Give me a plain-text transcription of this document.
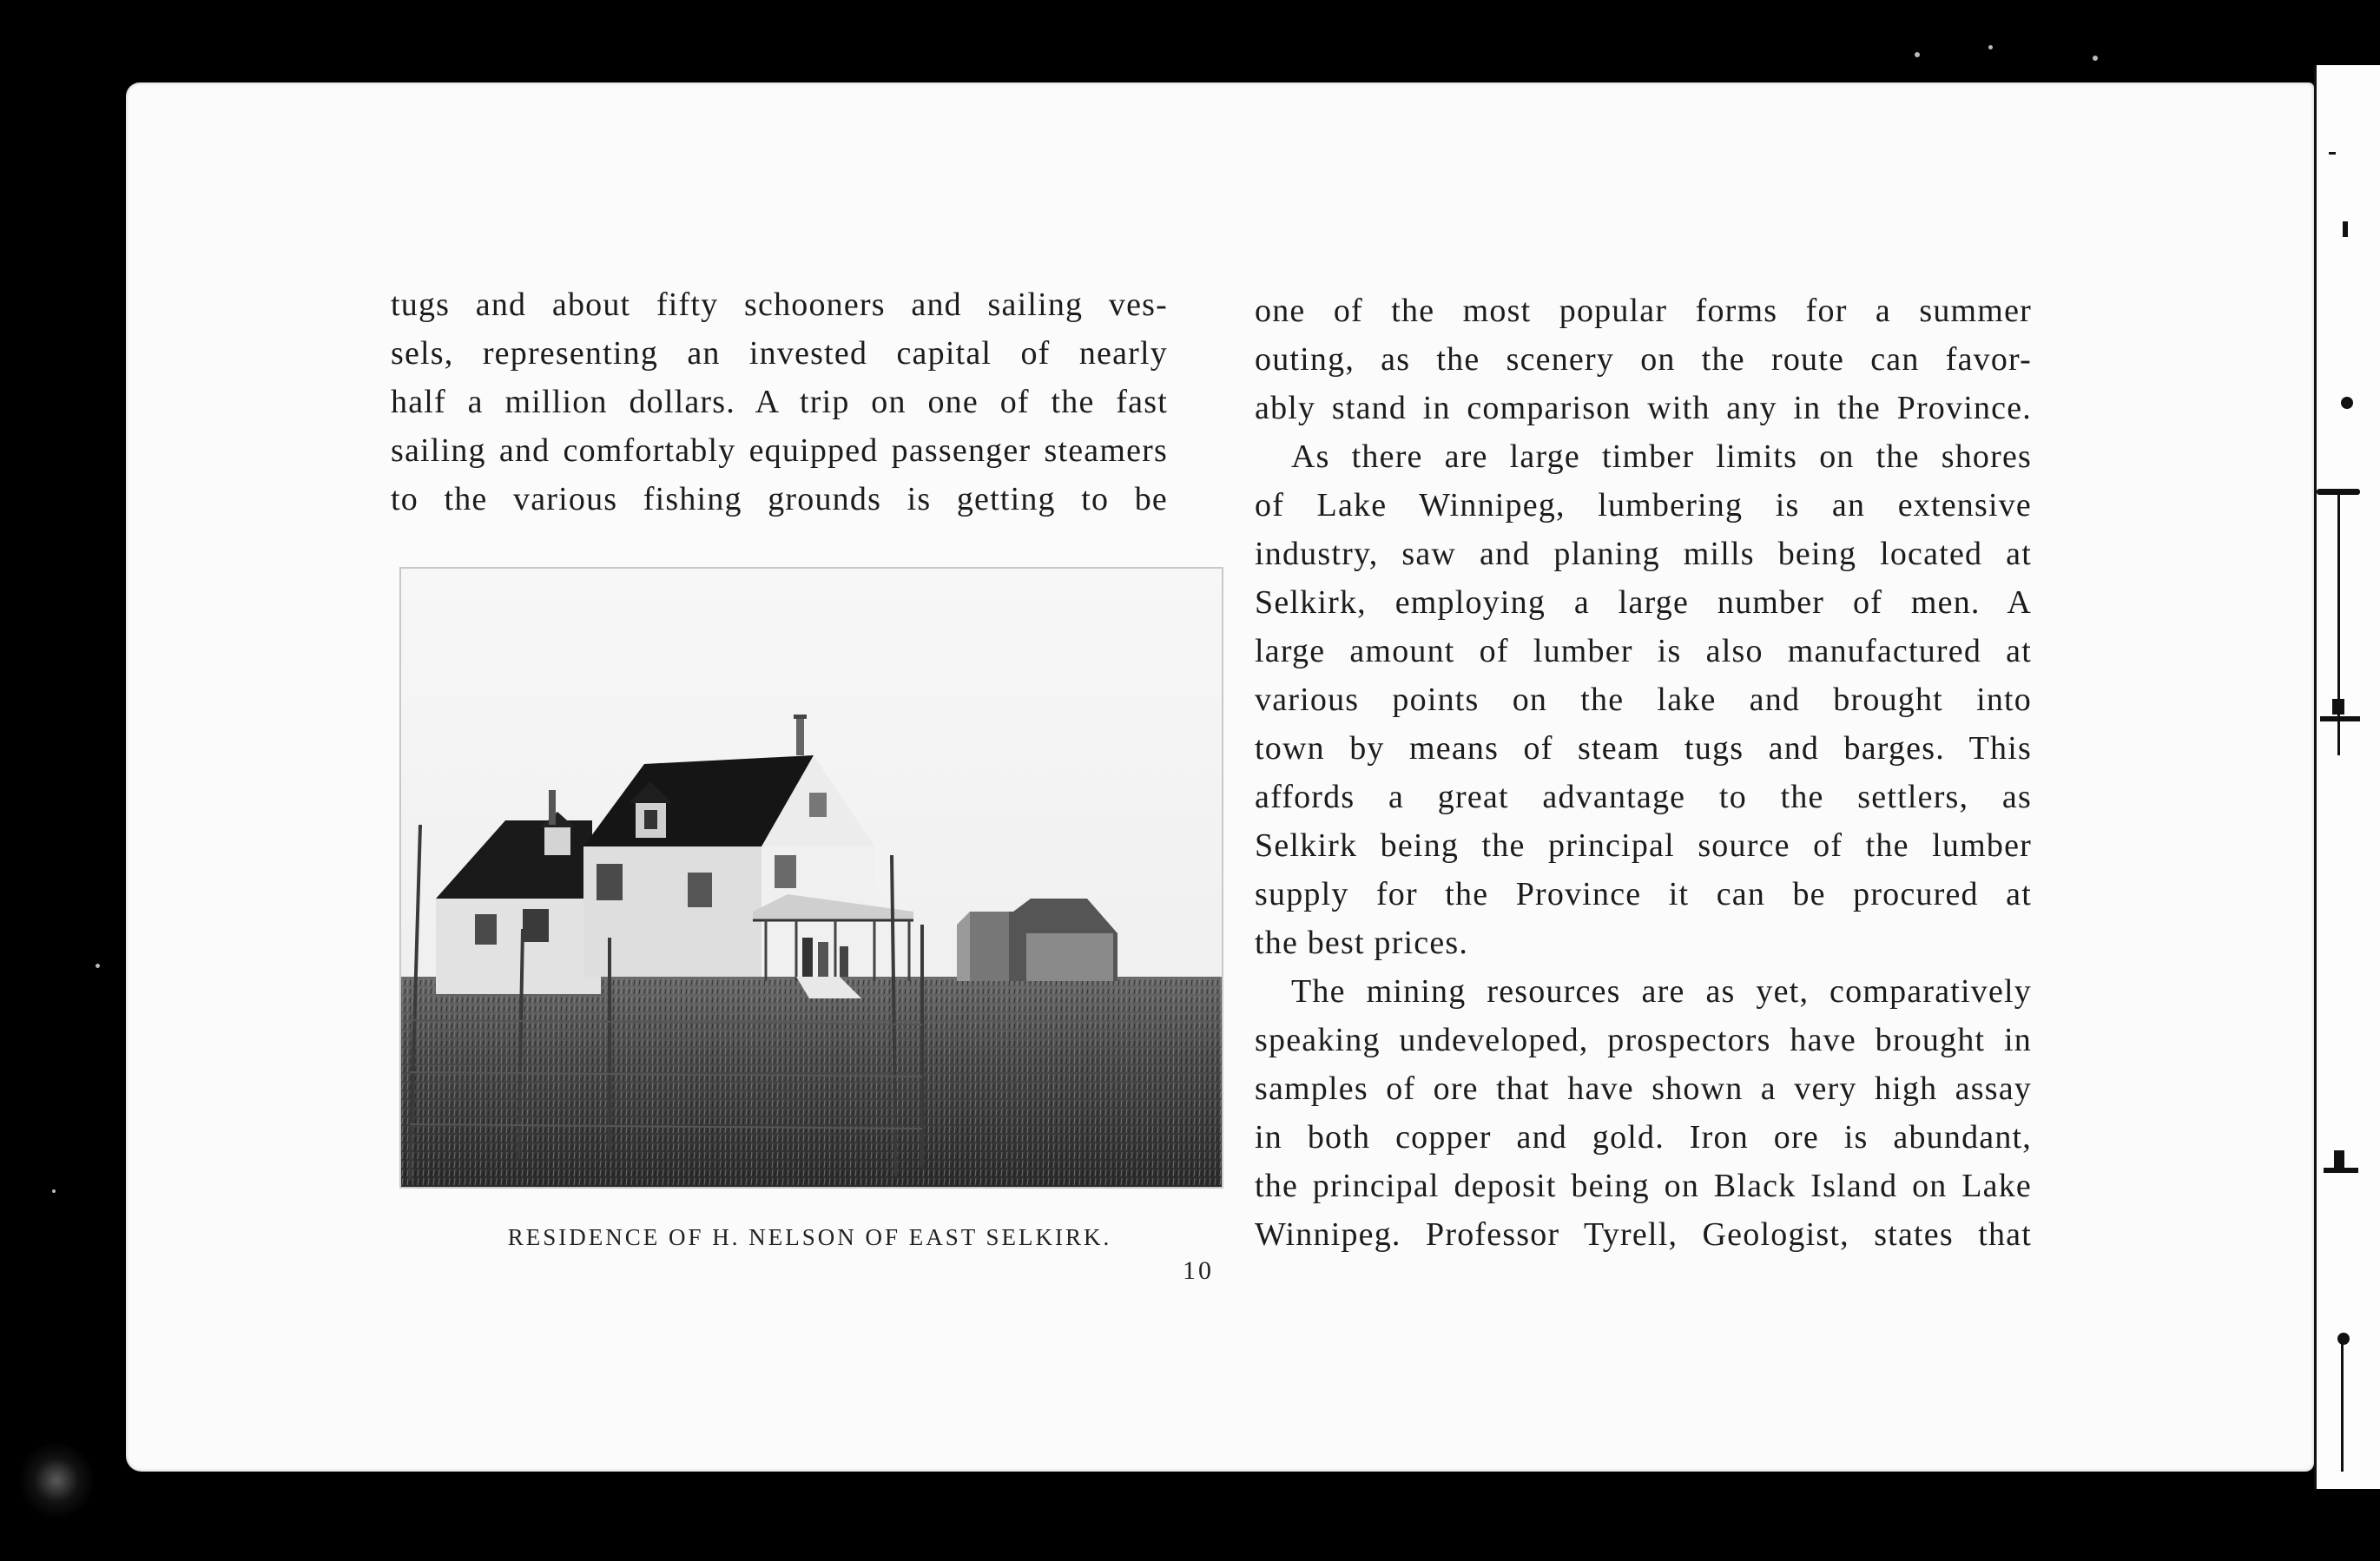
tugs and about fifty schooners and sailing ves-
sels, representing an invested capital of nearly
half a million dollars. A trip on one of the fast
sailing and comfortably equipped passenger steamers
to the various fishing grounds is getting to be
RESIDENCE OF H. NELSON OF EAST SELKIRK.
10
one of the most popular forms for a summer
outing, as the scenery on the route can favor-
ably stand in comparison with any in the Province.
As there are large timber limits on the shores
of Lake Winnipeg, lumbering is an extensive
industry, saw and planing mills being located at
Selkirk, employing a large number of men. A
large amount of lumber is also manufactured at
various points on the lake and brought into
town by means of steam tugs and barges. This
affords a great advantage to the settlers, as
Selkirk being the principal source of the lumber
supply for the Province it can be procured at
the best prices.
The mining resources are as yet, comparatively
speaking undeveloped, prospectors have brought in
samples of ore that have shown a very high assay
in both copper and gold. Iron ore is abundant,
the principal deposit being on Black Island on Lake
Winnipeg. Professor Tyrell, Geologist, states that
